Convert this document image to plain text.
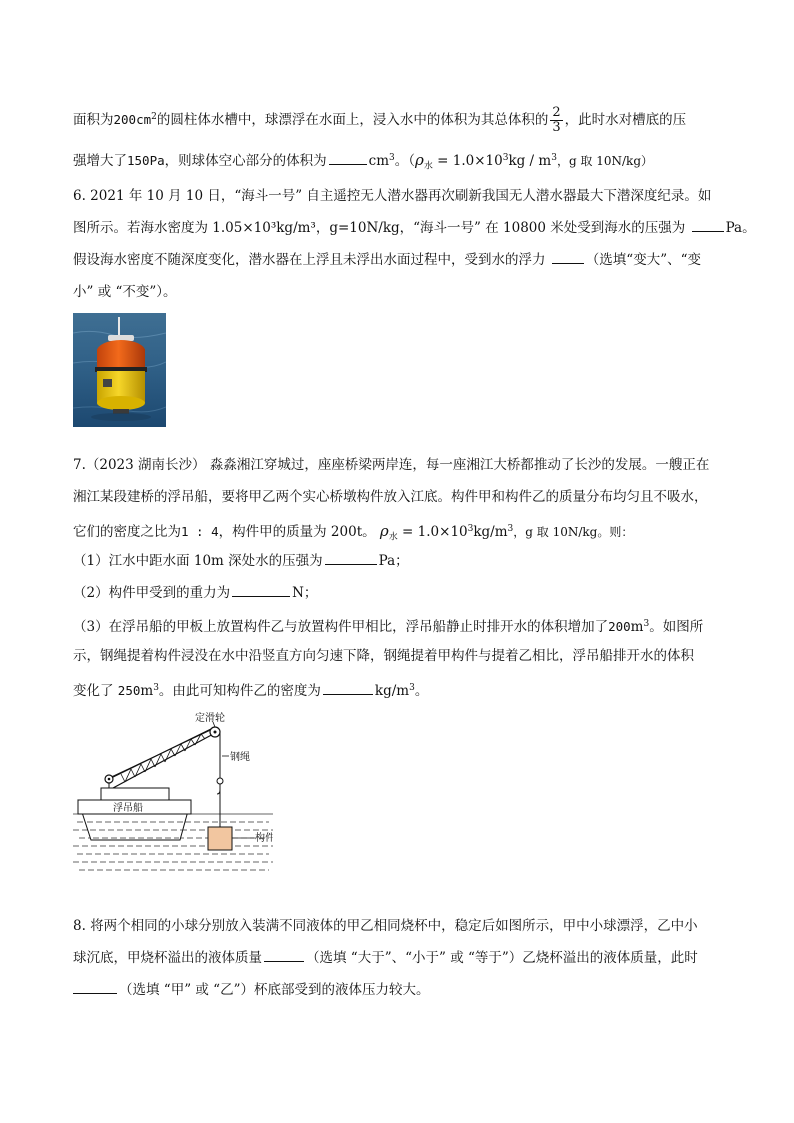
面积为$200cm^2$的圆柱体水槽中，球漂浮在水面上，浸入水中的体积为其总体积的 $\frac{2}{3}$ ，此时水对槽底的压
强增大了150Pa，则球体空心部分的体积为	$cm^3$。（$\rho_水 = 1.0\times 10^3kg / m^3$，g 取 10N/kg）
6. 2021 年 10 月 10 日，“海斗一号” 自主遥控无人潜水器再次刷新我国无人潜水器最大下潜深度纪录。如
图所示。若海水密度为 1.05×10³kg/m³，g=10N/kg，“海斗一号” 在 10800 米处受到海水的压强为	Pa。
假设海水密度不随深度变化，潜水器在上浮且未浮出水面过程中，受到水的浮力	（选填“变大”、“变
小” 或 “不变”）。
7.（2023 湖南长沙） 淼淼湘江穿城过，座座桥梁两岸连，每一座湘江大桥都推动了长沙的发展。一艘正在
湘江某段建桥的浮吊船，要将甲乙两个实心桥墩构件放入江底。构件甲和构件乙的质量分布均匀且不吸水，
它们的密度之比为1 : 4，构件甲的质量为 200t。 $\rho_水 = 1.0\times 10^3kg/m^3$，g 取 10N/kg。则：
（1）江水中距水面 10m 深处水的压强为	Pa；
（2）构件甲受到的重力为	N；
（3）在浮吊船的甲板上放置构件乙与放置构件甲相比，浮吊船静止时排开水的体积增加了$200m^3$。如图所
示，钢绳提着构件浸没在水中沿竖直方向匀速下降，钢绳提着甲构件与提着乙相比，浮吊船排开水的体积
变化了 $250m^3$。由此可知构件乙的密度为	$kg/m^3$。
定滑轮
钢绳
构件
浮吊船
8. 将两个相同的小球分别放入装满不同液体的甲乙相同烧杯中，稳定后如图所示，甲中小球漂浮，乙中小
球沉底，甲烧杯溢出的液体质量	（选填 “大于”、“小于” 或 “等于”）乙烧杯溢出的液体质量，此时
（选填 “甲” 或 “乙”）杯底部受到的液体压力较大。
